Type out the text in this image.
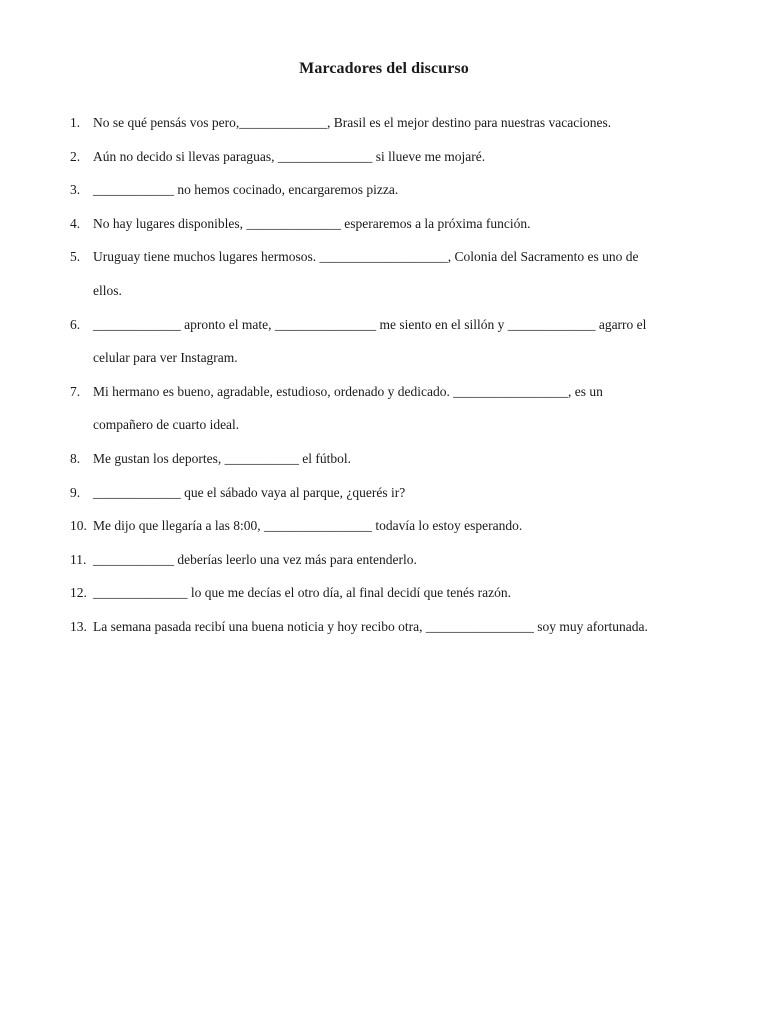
Marcadores del discurso
1. No se qué pensás vos pero,_____________, Brasil es el mejor destino para nuestras vacaciones.
2. Aún no decido si llevas paraguas, ______________ si llueve me mojaré.
3. ____________ no hemos cocinado, encargaremos pizza.
4. No hay lugares disponibles, ______________ esperaremos a la próxima función.
5. Uruguay tiene muchos lugares hermosos. ___________________, Colonia del Sacramento es uno de
ellos.
6. _____________ apronto el mate, _______________ me siento en el sillón y _____________ agarro el
celular para ver Instagram.
7. Mi hermano es bueno, agradable, estudioso, ordenado y dedicado. _________________, es un
compañero de cuarto ideal.
8. Me gustan los deportes, ___________ el fútbol.
9. _____________ que el sábado vaya al parque, ¿querés ir?
10. Me dijo que llegaría a las 8:00, ________________ todavía lo estoy esperando.
11. ____________ deberías leerlo una vez más para entenderlo.
12. ______________ lo que me decías el otro día, al final decidí que tenés razón.
13. La semana pasada recibí una buena noticia y hoy recibo otra, ________________ soy muy afortunada.
